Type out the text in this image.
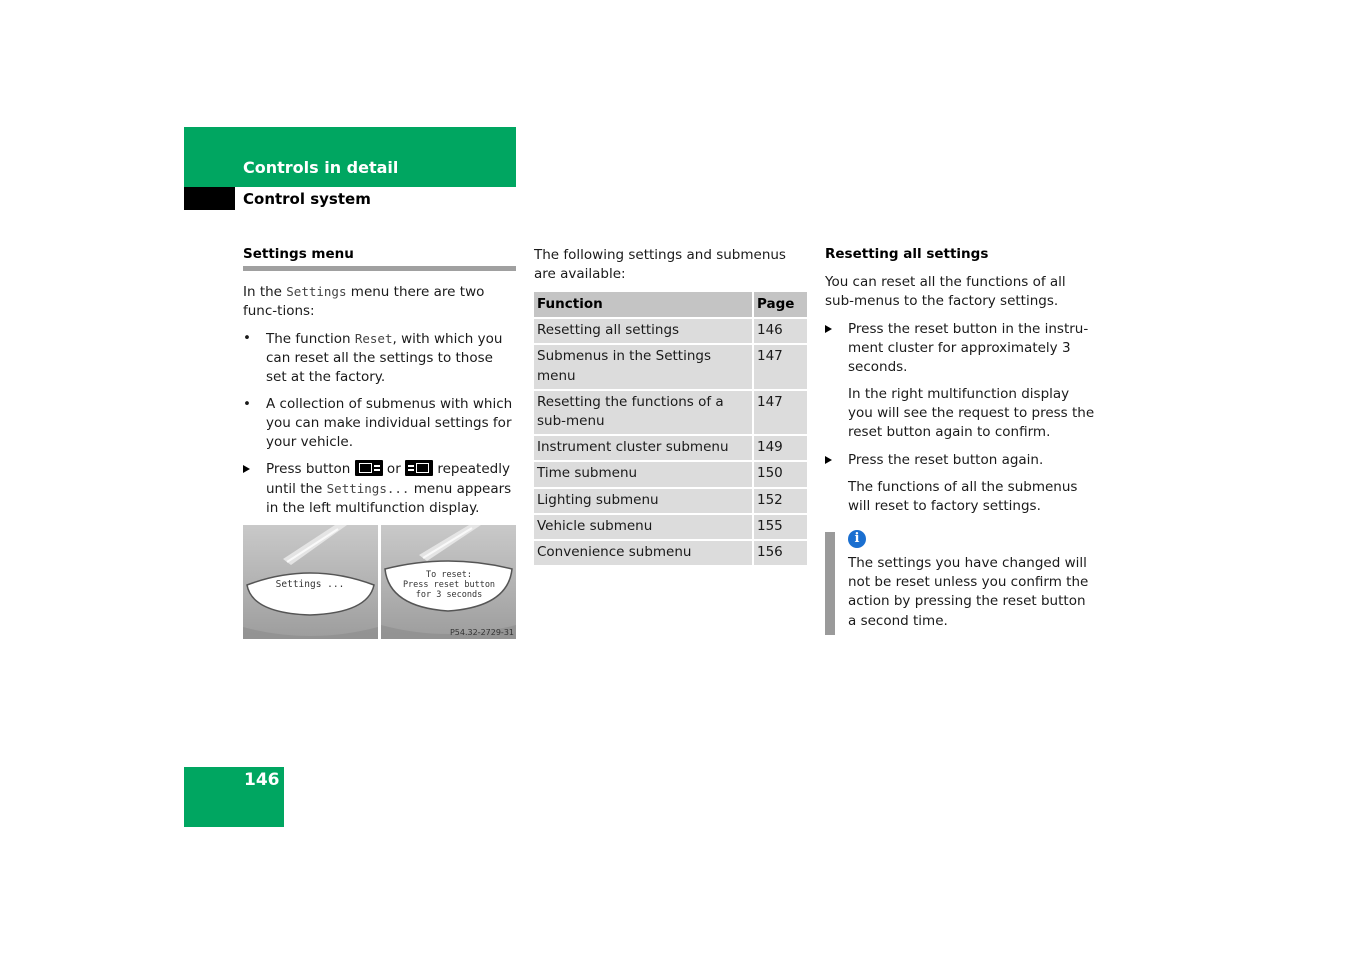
Controls in detail
Control system
Settings menu

In the Settings menu there are two func-tions:

•	The function Reset, with which you can reset all the settings to those set at the factory.
•	A collection of submenus with which you can make individual settings for your vehicle.
Press button
or
repeatedly until the Settings... menu appears in the left multifunction display.
Settings ...
To reset:
Press reset button
for 3 seconds
P54.32-2729-31

The following settings and submenus are available:

Function	Page
Resetting all settings	146
Submenus in the Settings menu	147
Resetting the functions of a sub-menu	147
Instrument cluster submenu	149
Time submenu	150
Lighting submenu	152
Vehicle submenu	155
Convenience submenu	156
Resetting all settings

You can reset all the functions of all sub-menus to the factory settings.

Press the reset button in the instru-ment cluster for approximately 3 seconds.

In the right multifunction display you will see the request to press the reset button again to confirm.

Press the reset button again.

The functions of all the submenus will reset to factory settings.

i

The settings you have changed will not be reset unless you confirm the action by pressing the reset button a second time.

146
